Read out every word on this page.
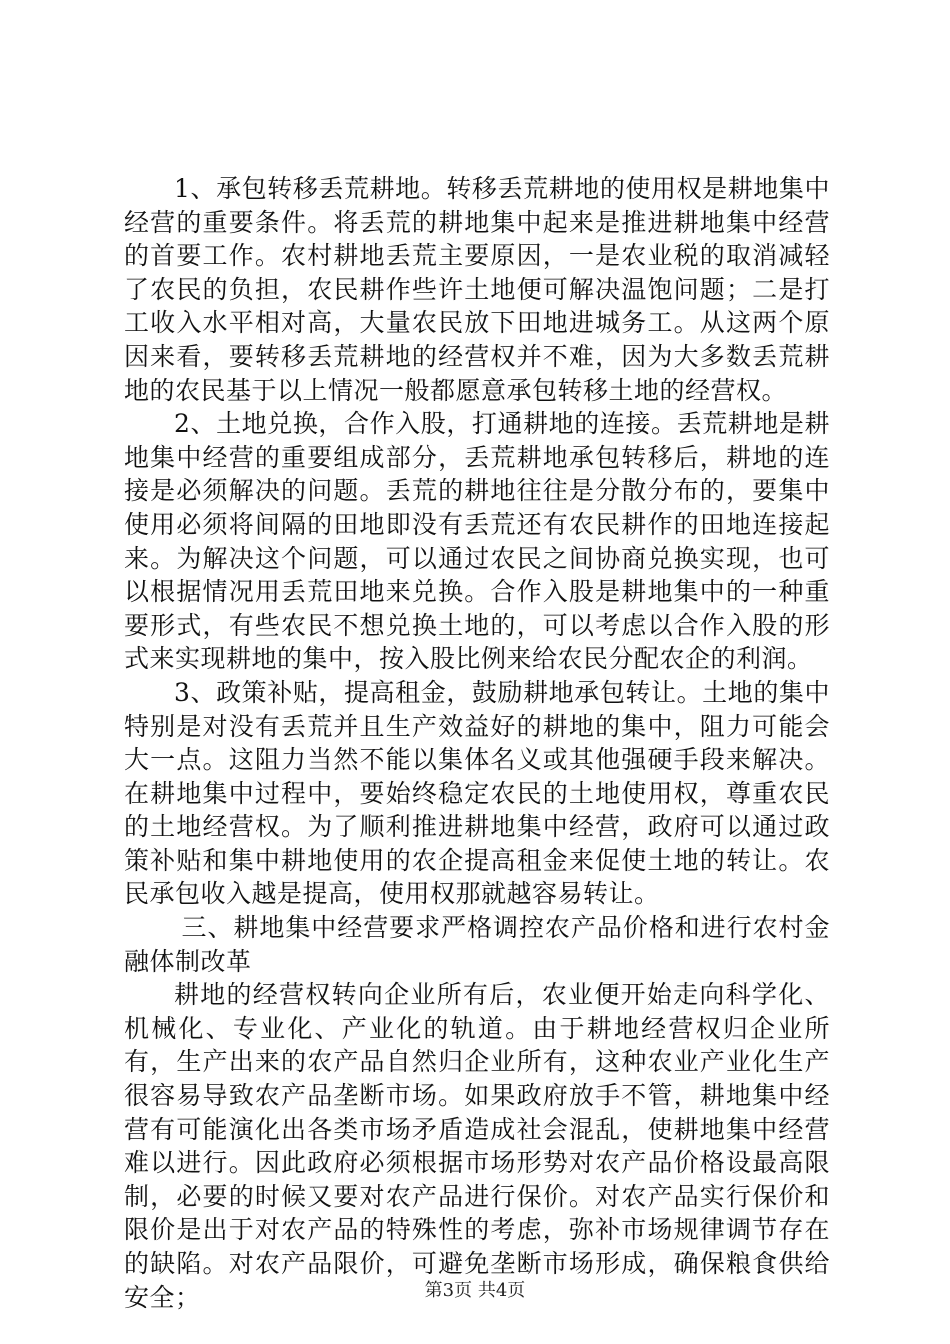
1、承包转移丢荒耕地。转移丢荒耕地的使用权是耕地集中经营的重要条件。将丢荒的耕地集中起来是推进耕地集中经营的首要工作。农村耕地丢荒主要原因，一是农业税的取消减轻了农民的负担，农民耕作些许土地便可解决温饱问题；二是打工收入水平相对高，大量农民放下田地进城务工。从这两个原因来看，要转移丢荒耕地的经营权并不难，因为大多数丢荒耕地的农民基于以上情况一般都愿意承包转移土地的经营权。

2、土地兑换，合作入股，打通耕地的连接。丢荒耕地是耕地集中经营的重要组成部分，丢荒耕地承包转移后，耕地的连接是必须解决的问题。丢荒的耕地往往是分散分布的，要集中使用必须将间隔的田地即没有丢荒还有农民耕作的田地连接起来。为解决这个问题，可以通过农民之间协商兑换实现，也可以根据情况用丢荒田地来兑换。合作入股是耕地集中的一种重要形式，有些农民不想兑换土地的，可以考虑以合作入股的形式来实现耕地的集中，按入股比例来给农民分配农企的利润。

3、政策补贴，提高租金，鼓励耕地承包转让。土地的集中特别是对没有丢荒并且生产效益好的耕地的集中，阻力可能会大一点。这阻力当然不能以集体名义或其他强硬手段来解决。在耕地集中过程中，要始终稳定农民的土地使用权，尊重农民的土地经营权。为了顺利推进耕地集中经营，政府可以通过政策补贴和集中耕地使用的农企提高租金来促使土地的转让。农民承包收入越是提高，使用权那就越容易转让。

三、耕地集中经营要求严格调控农产品价格和进行农村金融体制改革

耕地的经营权转向企业所有后，农业便开始走向科学化、机械化、专业化、产业化的轨道。由于耕地经营权归企业所有，生产出来的农产品自然归企业所有，这种农业产业化生产很容易导致农产品垄断市场。如果政府放手不管，耕地集中经营有可能演化出各类市场矛盾造成社会混乱，使耕地集中经营难以进行。因此政府必须根据市场形势对农产品价格设最高限制，必要的时候又要对农产品进行保价。对农产品实行保价和限价是出于对农产品的特殊性的考虑，弥补市场规律调节存在的缺陷。对农产品限价，可避免垄断市场形成，确保粮食供给安全；	第3页 共4页
